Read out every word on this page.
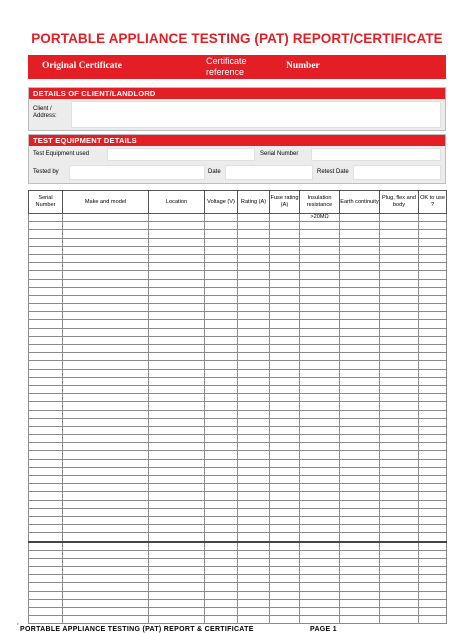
PORTABLE APPLIANCE TESTING (PAT) REPORT/CERTIFICATE
Original Certificate	Certificate reference
Number
DETAILS OF CLIENT/LANDLORD
Client / Address:
TEST EQUIPMENT DETAILS
Test Equipment used	Serial Number
Tested by	Date	Retest Date
Serial Number	Make and model	Location	Voltage (V)	Rating (A)	Fuse rating (A)	Insulation resistance	Earth continuity	Plug, flex and body	OK to use ?
						>20MΩ			

·
PORTABLE APPLIANCE TESTING (PAT) REPORT & CERTIFICATE	PAGE 1
